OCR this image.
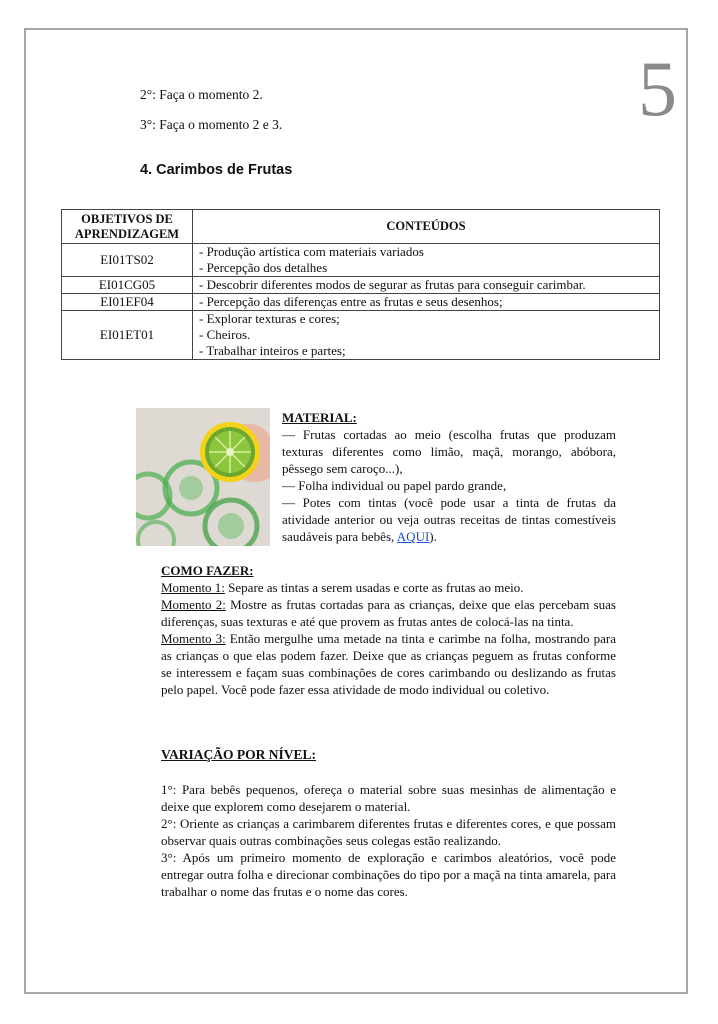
5
2°: Faça o momento 2.
3°: Faça o momento 2 e 3.
4. Carimbos de Frutas
OBJETIVOS DE APRENDIZAGEM	CONTEÚDOS
EI01TS02	- Produção artística com materiais variados
- Percepção dos detalhes

EI01CG05	- Descobrir diferentes modos de segurar as frutas para conseguir carimbar.

EI01EF04	- Percepção das diferenças entre as frutas e seus desenhos;

EI01ET01	- Explorar texturas e cores;
- Cheiros.
- Trabalhar inteiros e partes;

MATERIAL:

— Frutas cortadas ao meio (escolha frutas que produzam texturas diferentes como limão, maçã, morango, abóbora, pêssego sem caroço...),

— Folha individual ou papel pardo grande,

— Potes com tintas (você pode usar a tinta de frutas da atividade anterior ou veja outras receitas de tintas comestíveis saudáveis para bebês, AQUI).

COMO FAZER:

Momento 1: Separe as tintas a serem usadas e corte as frutas ao meio.

Momento 2: Mostre as frutas cortadas para as crianças, deixe que elas percebam suas diferenças, suas texturas e até que provem as frutas antes de colocá-las na tinta.

Momento 3: Então mergulhe uma metade na tinta e carimbe na folha, mostrando para as crianças o que elas podem fazer. Deixe que as crianças peguem as frutas conforme se interessem e façam suas combinações de cores carimbando ou deslizando as frutas pelo papel. Você pode fazer essa atividade de modo individual ou coletivo.

VARIAÇÃO POR NÍVEL:

1°: Para bebês pequenos, ofereça o material sobre suas mesinhas de alimentação e deixe que explorem como desejarem o material.

2°: Oriente as crianças a carimbarem diferentes frutas e diferentes cores, e que possam observar quais outras combinações seus colegas estão realizando.

3°: Após um primeiro momento de exploração e carimbos aleatórios, você pode entregar outra folha e direcionar combinações do tipo por a maçã na tinta amarela, para trabalhar o nome das frutas e o nome das cores.
